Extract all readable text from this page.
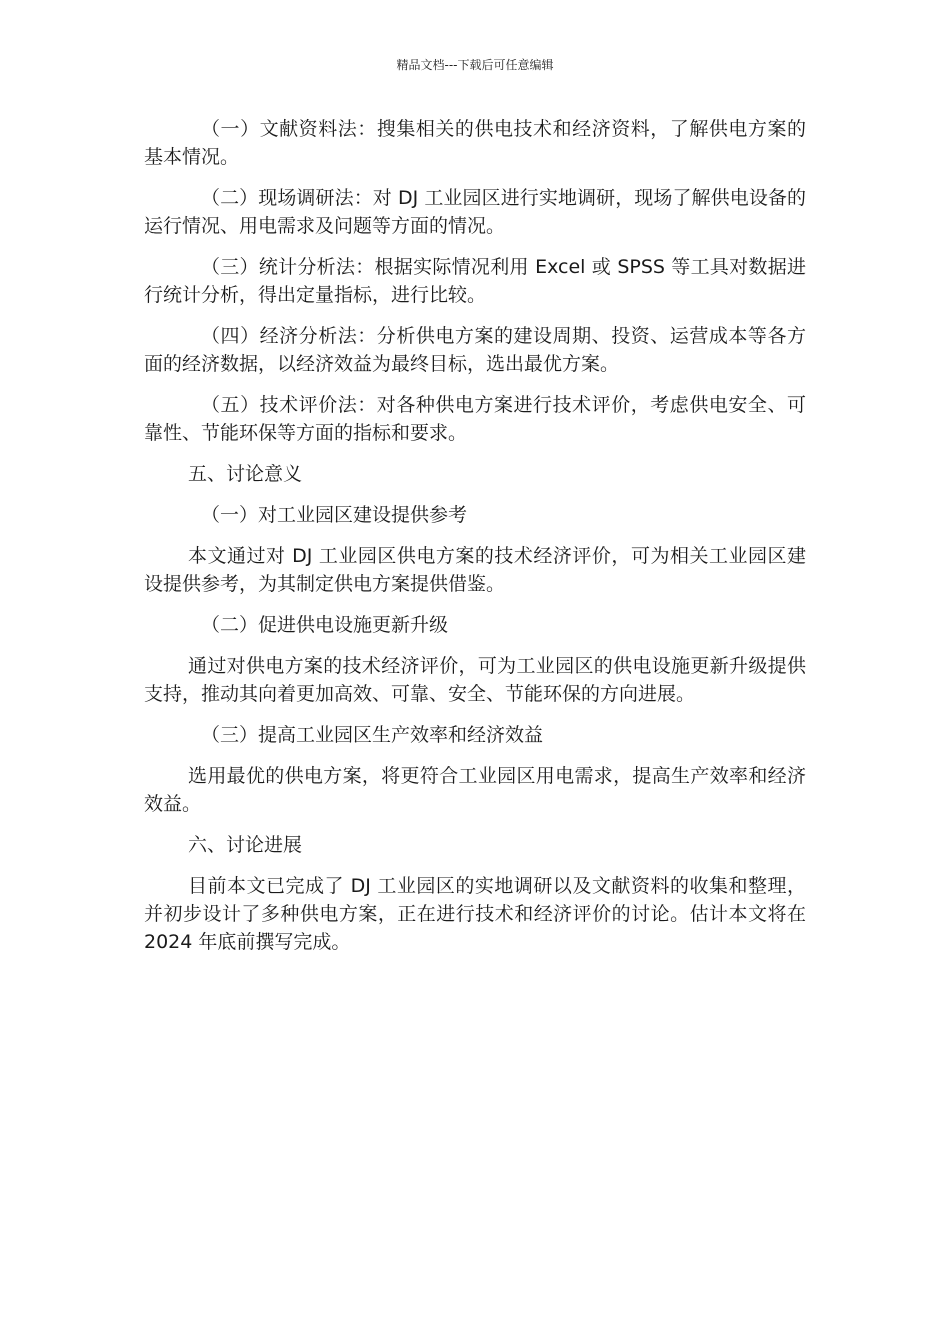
精品文档---下载后可任意编辑

（一）文献资料法：搜集相关的供电技术和经济资料，了解供电方案的基本情况。

（二）现场调研法：对 DJ 工业园区进行实地调研，现场了解供电设备的运行情况、用电需求及问题等方面的情况。

（三）统计分析法：根据实际情况利用 Excel 或 SPSS 等工具对数据进行统计分析，得出定量指标，进行比较。

（四）经济分析法：分析供电方案的建设周期、投资、运营成本等各方面的经济数据，以经济效益为最终目标，选出最优方案。

（五）技术评价法：对各种供电方案进行技术评价，考虑供电安全、可靠性、节能环保等方面的指标和要求。

五、讨论意义

（一）对工业园区建设提供参考

本文通过对 DJ 工业园区供电方案的技术经济评价，可为相关工业园区建设提供参考，为其制定供电方案提供借鉴。

（二）促进供电设施更新升级

通过对供电方案的技术经济评价，可为工业园区的供电设施更新升级提供支持，推动其向着更加高效、可靠、安全、节能环保的方向进展。

（三）提高工业园区生产效率和经济效益

选用最优的供电方案，将更符合工业园区用电需求，提高生产效率和经济效益。

六、讨论进展

目前本文已完成了 DJ 工业园区的实地调研以及文献资料的收集和整理，并初步设计了多种供电方案，正在进行技术和经济评价的讨论。估计本文将在 2024 年底前撰写完成。
